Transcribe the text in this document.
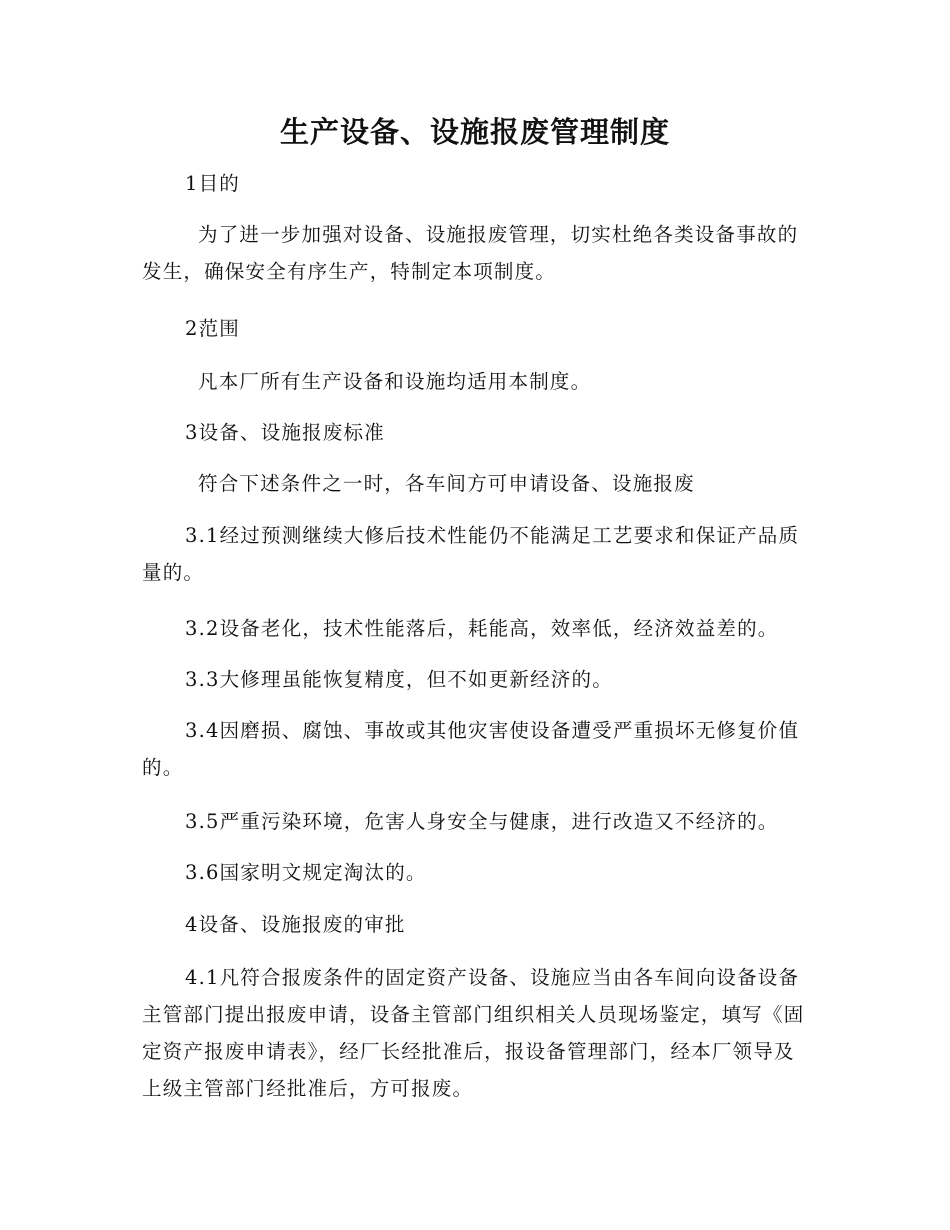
生产设备、设施报废管理制度
1目的
为了进一步加强对设备、设施报废管理，切实杜绝各类设备事故的发生，确保安全有序生产，特制定本项制度。
2范围
凡本厂所有生产设备和设施均适用本制度。
3设备、设施报废标准
符合下述条件之一时，各车间方可申请设备、设施报废
3.1经过预测继续大修后技术性能仍不能满足工艺要求和保证产品质量的。
3.2设备老化，技术性能落后，耗能高，效率低，经济效益差的。
3.3大修理虽能恢复精度，但不如更新经济的。
3.4因磨损、腐蚀、事故或其他灾害使设备遭受严重损坏无修复价值的。
3.5严重污染环境，危害人身安全与健康，进行改造又不经济的。
3.6国家明文规定淘汰的。
4设备、设施报废的审批
4.1凡符合报废条件的固定资产设备、设施应当由各车间向设备设备主管部门提出报废申请，设备主管部门组织相关人员现场鉴定，填写《固定资产报废申请表》，经厂长经批准后，报设备管理部门，经本厂领导及上级主管部门经批准后，方可报废。
